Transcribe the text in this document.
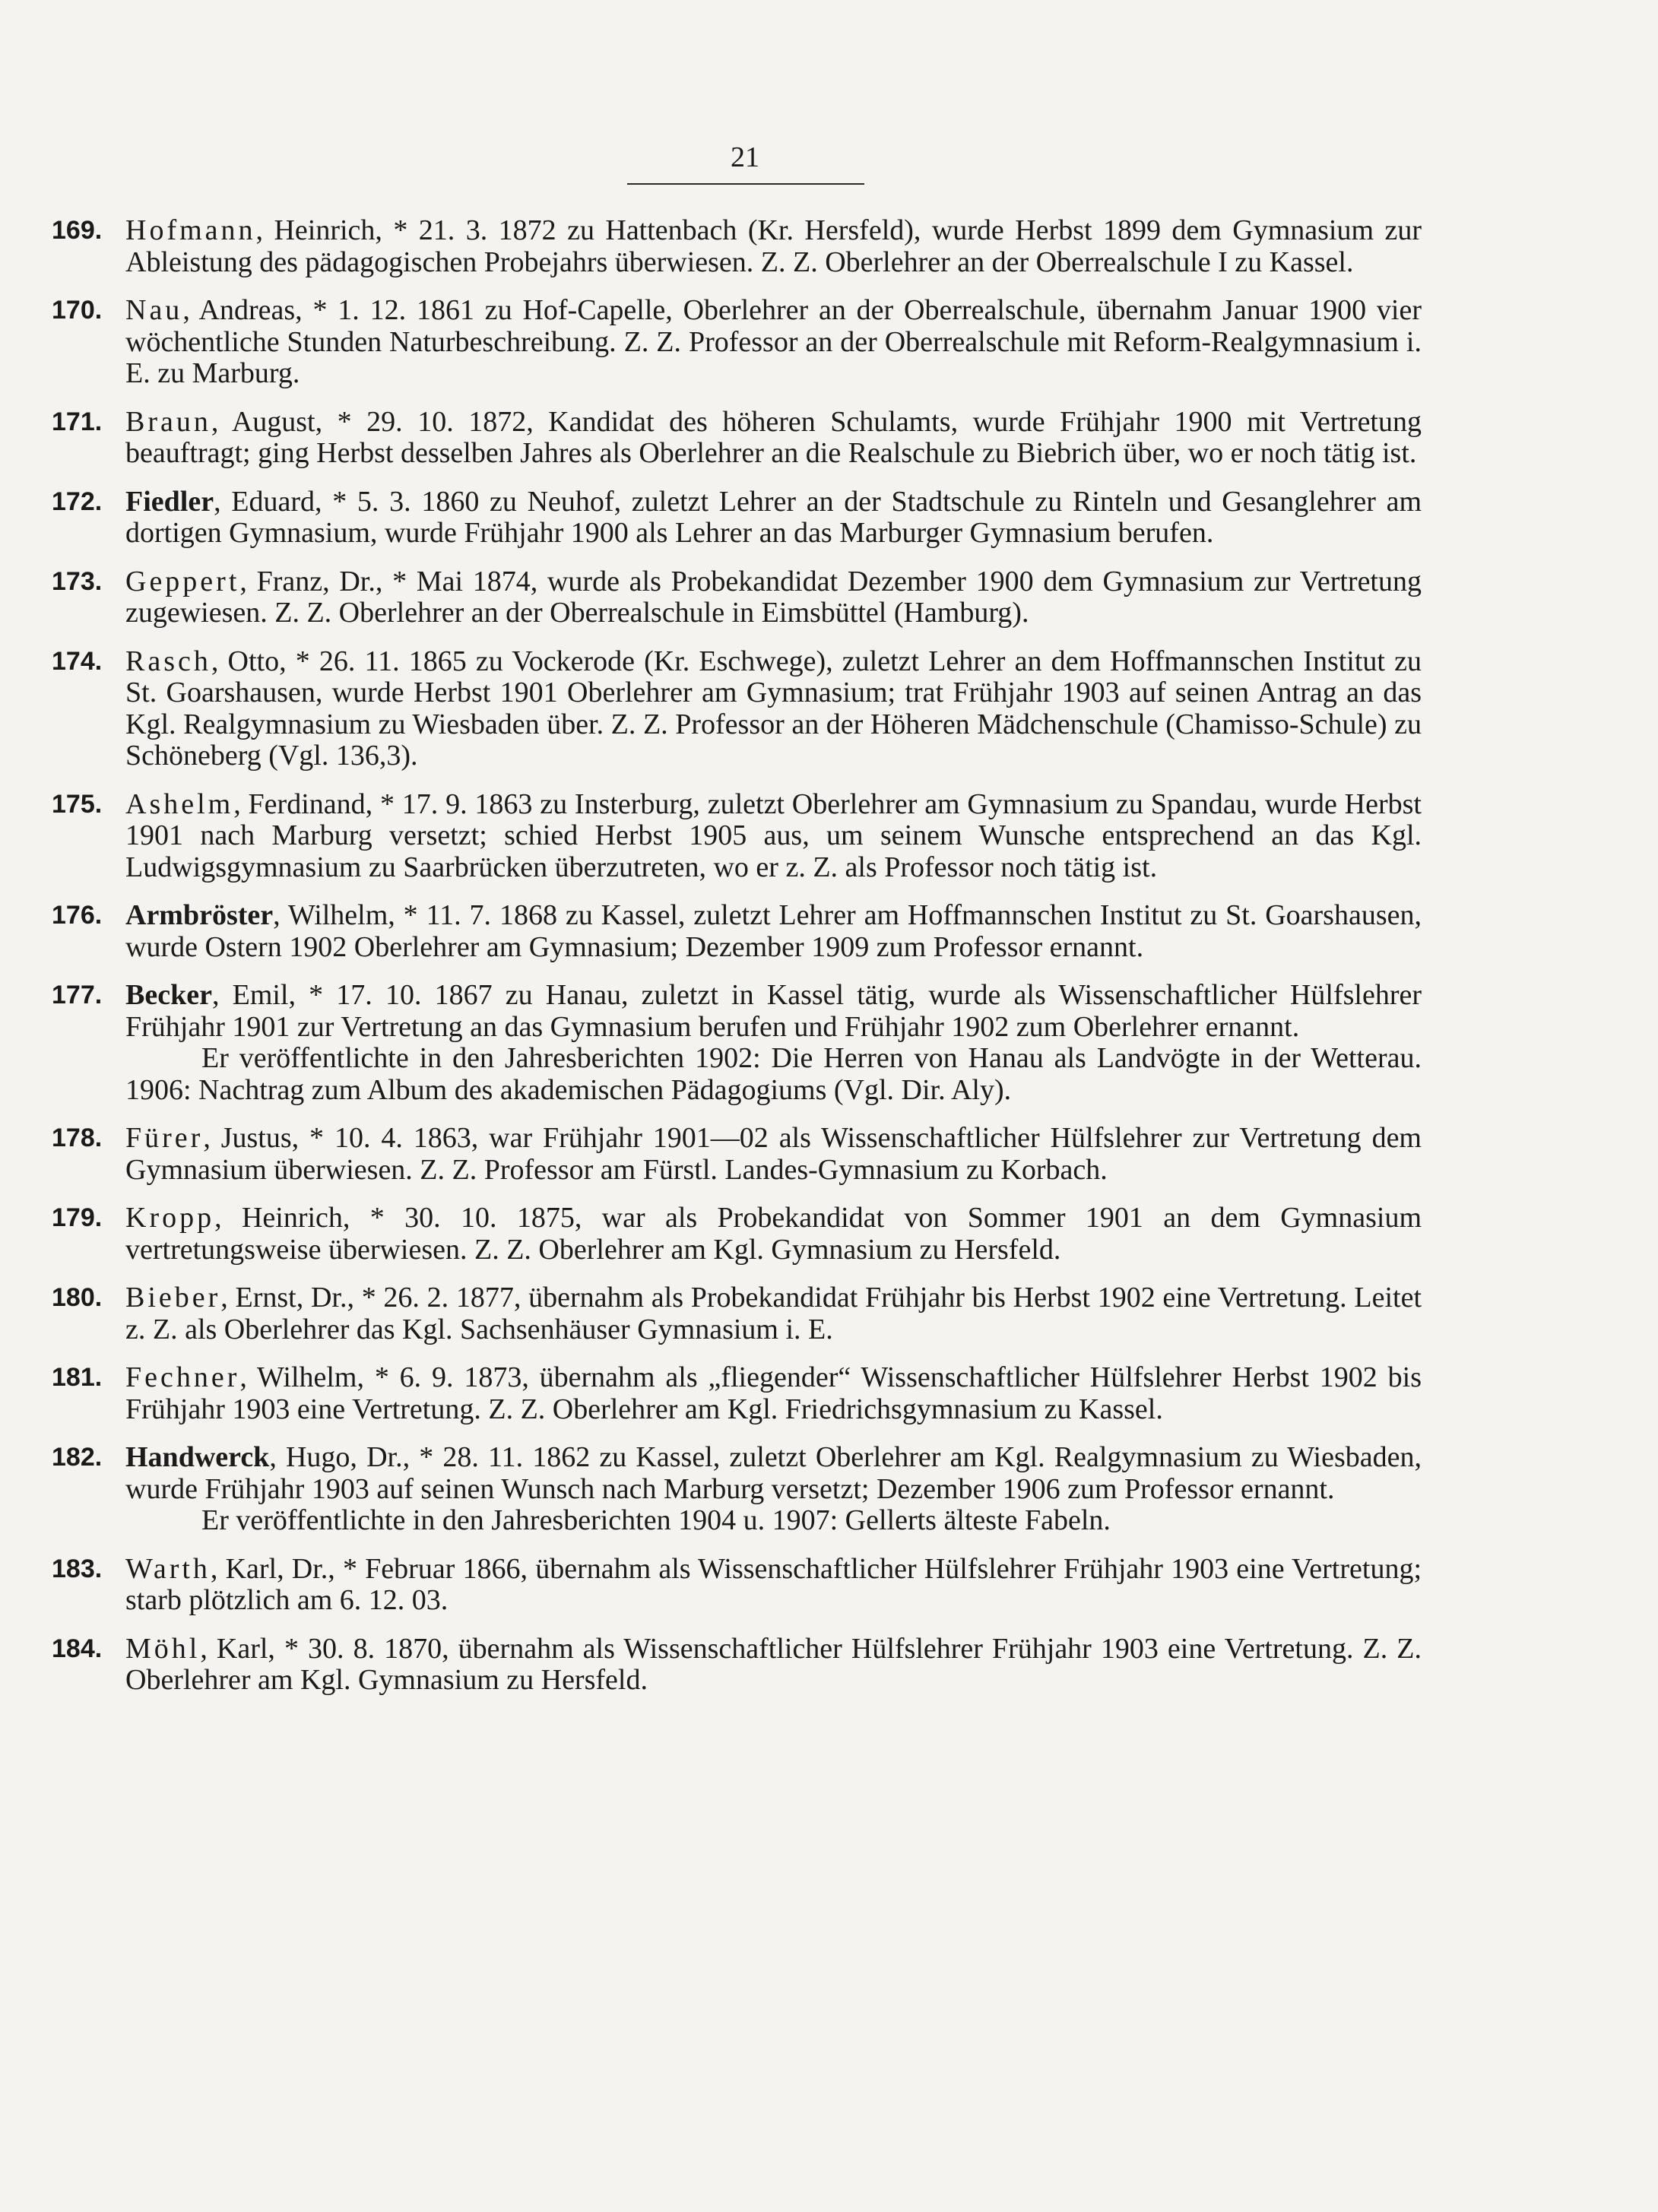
21
169. Hofmann, Heinrich, * 21. 3. 1872 zu Hattenbach (Kr. Hersfeld), wurde Herbst 1899 dem Gymnasium zur Ableistung des pädagogischen Probejahrs überwiesen. Z. Z. Oberlehrer an der Oberrealschule I zu Kassel.
170. Nau, Andreas, * 1. 12. 1861 zu Hof-Capelle, Oberlehrer an der Oberrealschule, übernahm Januar 1900 vier wöchentliche Stunden Naturbeschreibung. Z. Z. Professor an der Oberrealschule mit Reform-Realgymnasium i. E. zu Marburg.
171. Braun, August, * 29. 10. 1872, Kandidat des höheren Schulamts, wurde Frühjahr 1900 mit Vertretung beauftragt; ging Herbst desselben Jahres als Oberlehrer an die Realschule zu Biebrich über, wo er noch tätig ist.
172. Fiedler, Eduard, * 5. 3. 1860 zu Neuhof, zuletzt Lehrer an der Stadtschule zu Rinteln und Gesanglehrer am dortigen Gymnasium, wurde Frühjahr 1900 als Lehrer an das Marburger Gymnasium berufen.
173. Geppert, Franz, Dr., * Mai 1874, wurde als Probekandidat Dezember 1900 dem Gymnasium zur Vertretung zugewiesen. Z. Z. Oberlehrer an der Oberrealschule in Eimsbüttel (Hamburg).
174. Rasch, Otto, * 26. 11. 1865 zu Vockerode (Kr. Eschwege), zuletzt Lehrer an dem Hoffmannschen Institut zu St. Goarshausen, wurde Herbst 1901 Oberlehrer am Gymnasium; trat Frühjahr 1903 auf seinen Antrag an das Kgl. Realgymnasium zu Wiesbaden über. Z. Z. Professor an der Höheren Mädchenschule (Chamisso-Schule) zu Schöneberg (Vgl. 136,3).
175. Ashelm, Ferdinand, * 17. 9. 1863 zu Insterburg, zuletzt Oberlehrer am Gymnasium zu Spandau, wurde Herbst 1901 nach Marburg versetzt; schied Herbst 1905 aus, um seinem Wunsche entsprechend an das Kgl. Ludwigsgymnasium zu Saarbrücken überzutreten, wo er z. Z. als Professor noch tätig ist.
176. Armbröster, Wilhelm, * 11. 7. 1868 zu Kassel, zuletzt Lehrer am Hoffmannschen Institut zu St. Goarshausen, wurde Ostern 1902 Oberlehrer am Gymnasium; Dezember 1909 zum Professor ernannt.
177. Becker, Emil, * 17. 10. 1867 zu Hanau, zuletzt in Kassel tätig, wurde als Wissenschaftlicher Hülfslehrer Frühjahr 1901 zur Vertretung an das Gymnasium berufen und Frühjahr 1902 zum Oberlehrer ernannt.
Er veröffentlichte in den Jahresberichten 1902: Die Herren von Hanau als Landvögte in der Wetterau. 1906: Nachtrag zum Album des akademischen Pädagogiums (Vgl. Dir. Aly).
178. Fürer, Justus, * 10. 4. 1863, war Frühjahr 1901—02 als Wissenschaftlicher Hülfslehrer zur Vertretung dem Gymnasium überwiesen. Z. Z. Professor am Fürstl. Landes-Gymnasium zu Korbach.
179. Kropp, Heinrich, * 30. 10. 1875, war als Probekandidat von Sommer 1901 an dem Gymnasium vertretungsweise überwiesen. Z. Z. Oberlehrer am Kgl. Gymnasium zu Hersfeld.
180. Bieber, Ernst, Dr., * 26. 2. 1877, übernahm als Probekandidat Frühjahr bis Herbst 1902 eine Vertretung. Leitet z. Z. als Oberlehrer das Kgl. Sachsenhäuser Gymnasium i. E.
181. Fechner, Wilhelm, * 6. 9. 1873, übernahm als „fliegender“ Wissenschaftlicher Hülfslehrer Herbst 1902 bis Frühjahr 1903 eine Vertretung. Z. Z. Oberlehrer am Kgl. Friedrichsgymnasium zu Kassel.
182. Handwerck, Hugo, Dr., * 28. 11. 1862 zu Kassel, zuletzt Oberlehrer am Kgl. Realgymnasium zu Wiesbaden, wurde Frühjahr 1903 auf seinen Wunsch nach Marburg versetzt; Dezember 1906 zum Professor ernannt.
Er veröffentlichte in den Jahresberichten 1904 u. 1907: Gellerts älteste Fabeln.
183. Warth, Karl, Dr., * Februar 1866, übernahm als Wissenschaftlicher Hülfslehrer Frühjahr 1903 eine Vertretung; starb plötzlich am 6. 12. 03.
184. Möhl, Karl, * 30. 8. 1870, übernahm als Wissenschaftlicher Hülfslehrer Frühjahr 1903 eine Vertretung. Z. Z. Oberlehrer am Kgl. Gymnasium zu Hersfeld.
